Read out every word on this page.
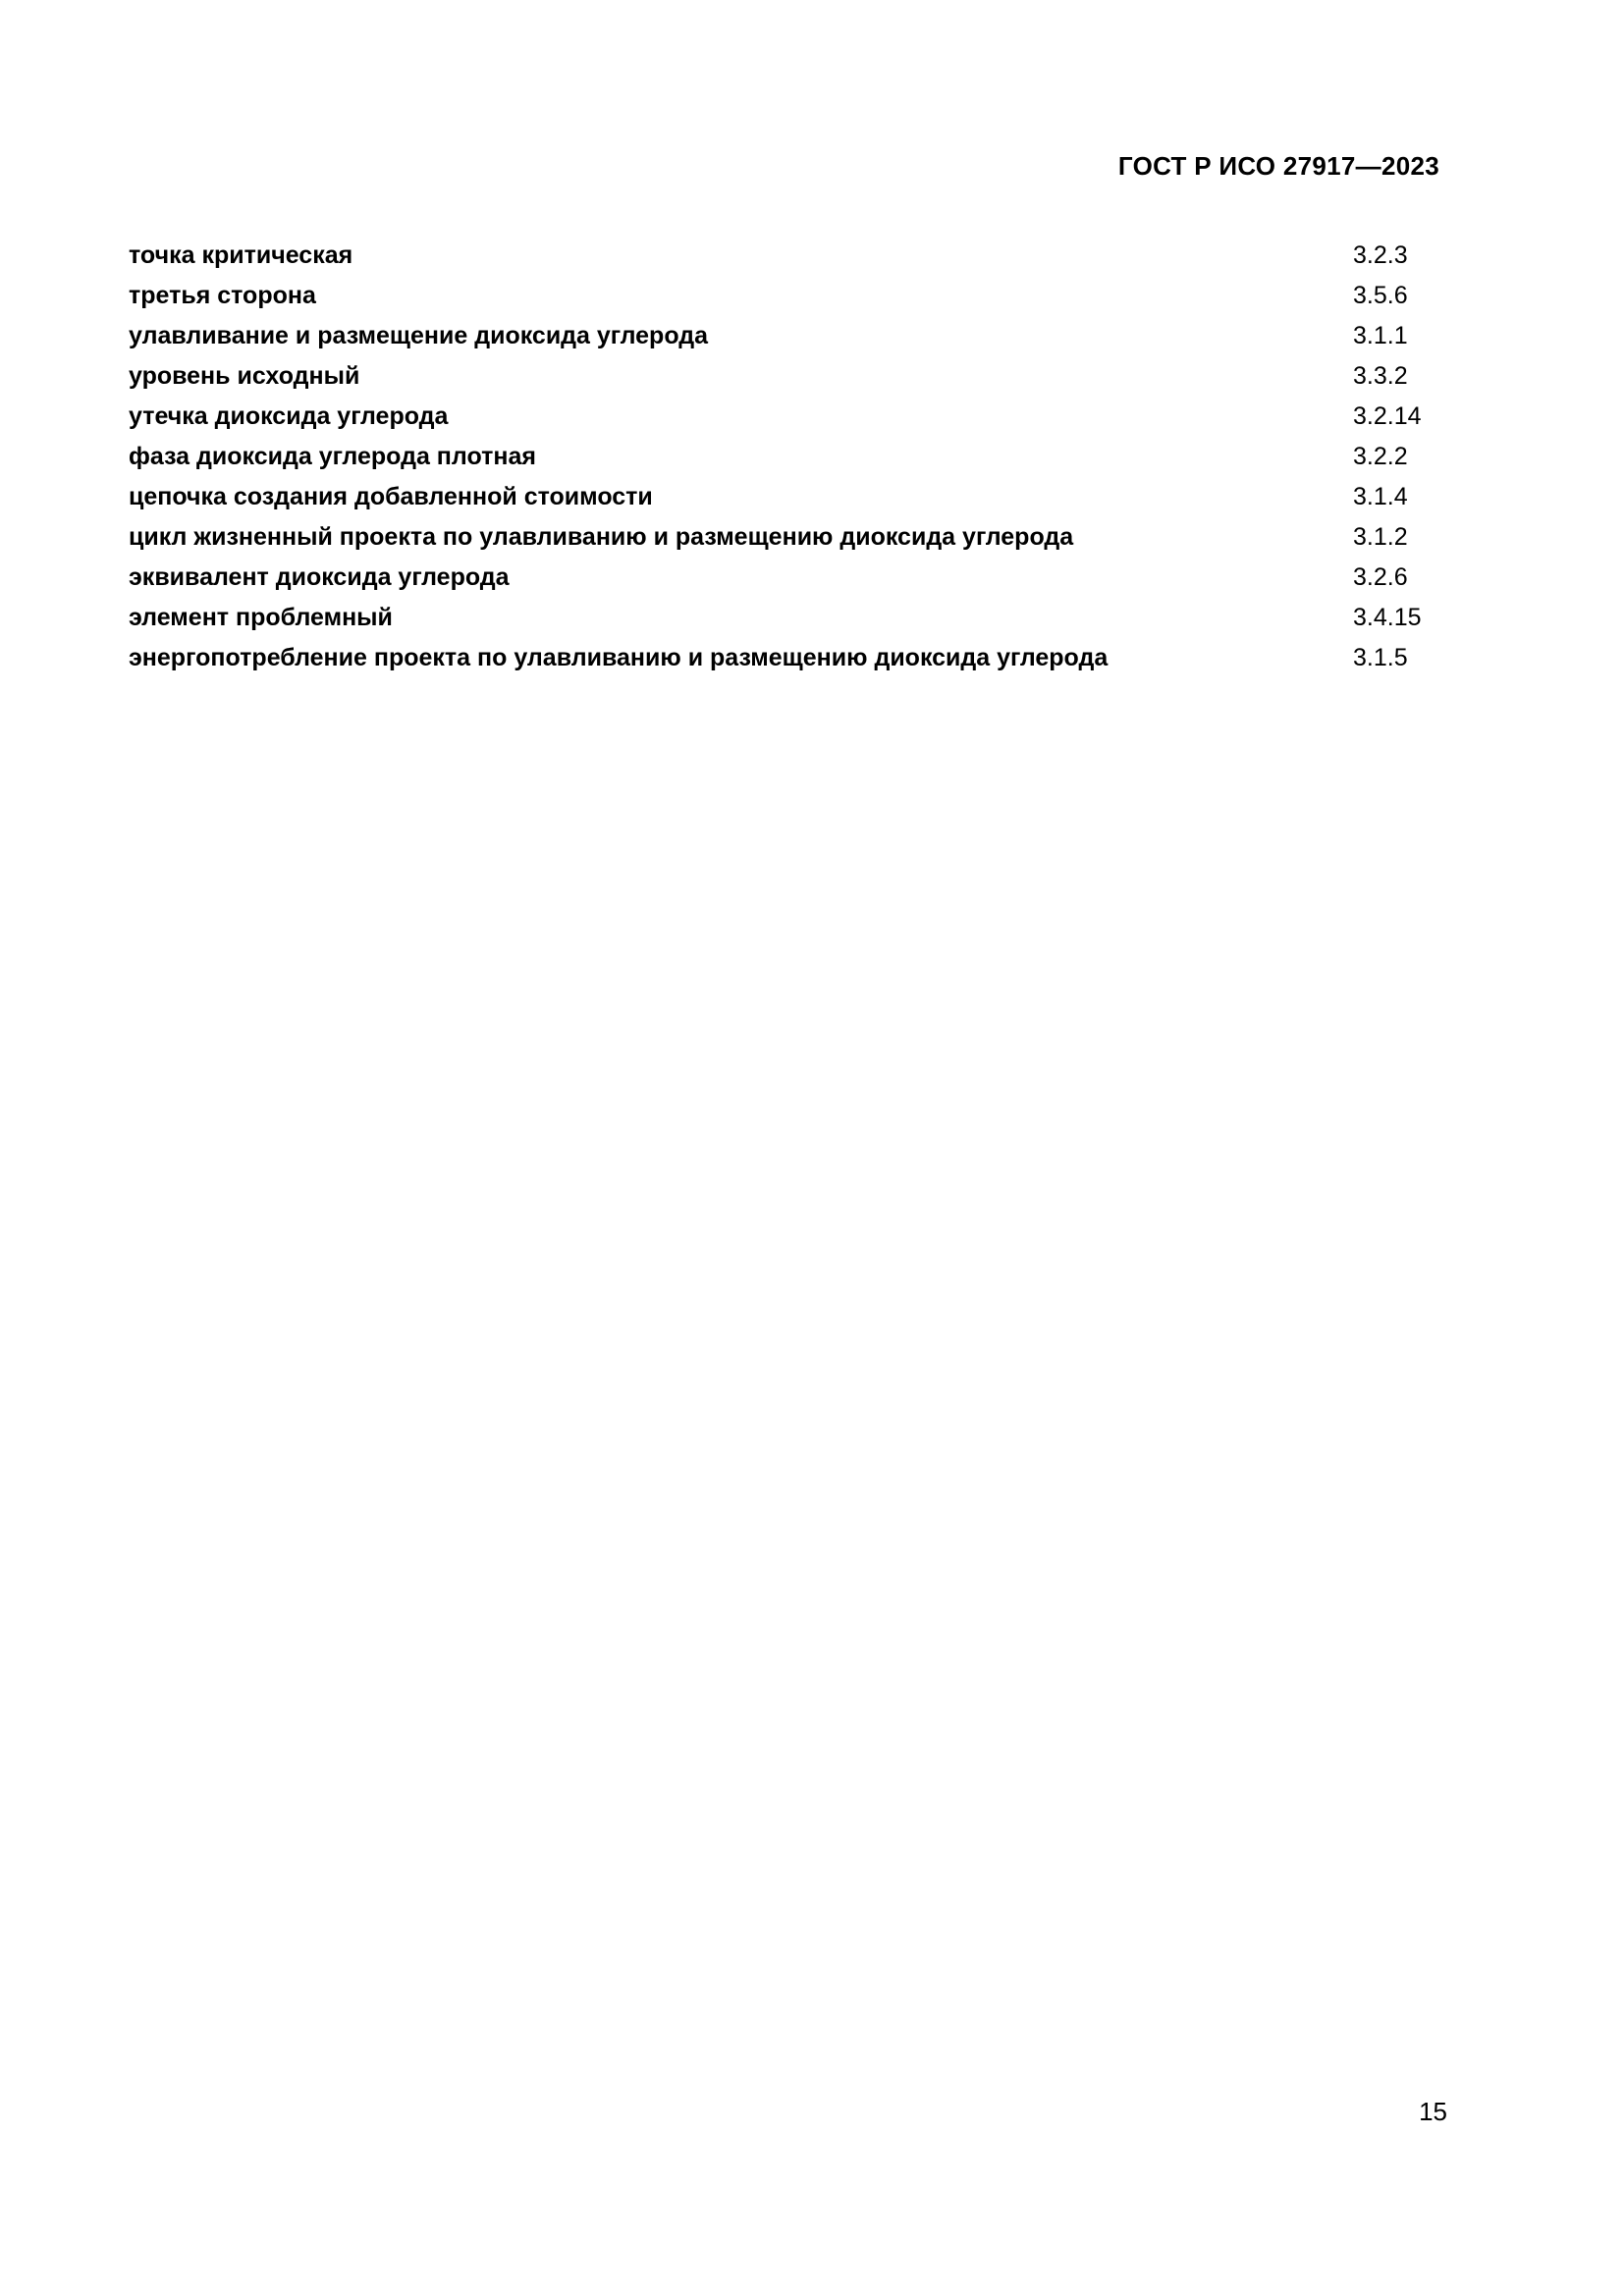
ГОСТ Р ИСО 27917—2023
точка критическая	3.2.3
третья сторона	3.5.6
улавливание и размещение диоксида углерода	3.1.1
уровень исходный	3.3.2
утечка диоксида углерода	3.2.14
фаза диоксида углерода плотная	3.2.2
цепочка создания добавленной стоимости	3.1.4
цикл жизненный проекта по улавливанию и размещению диоксида углерода	3.1.2
эквивалент диоксида углерода	3.2.6
элемент проблемный	3.4.15
энергопотребление проекта по улавливанию и размещению диоксида углерода	3.1.5
15
